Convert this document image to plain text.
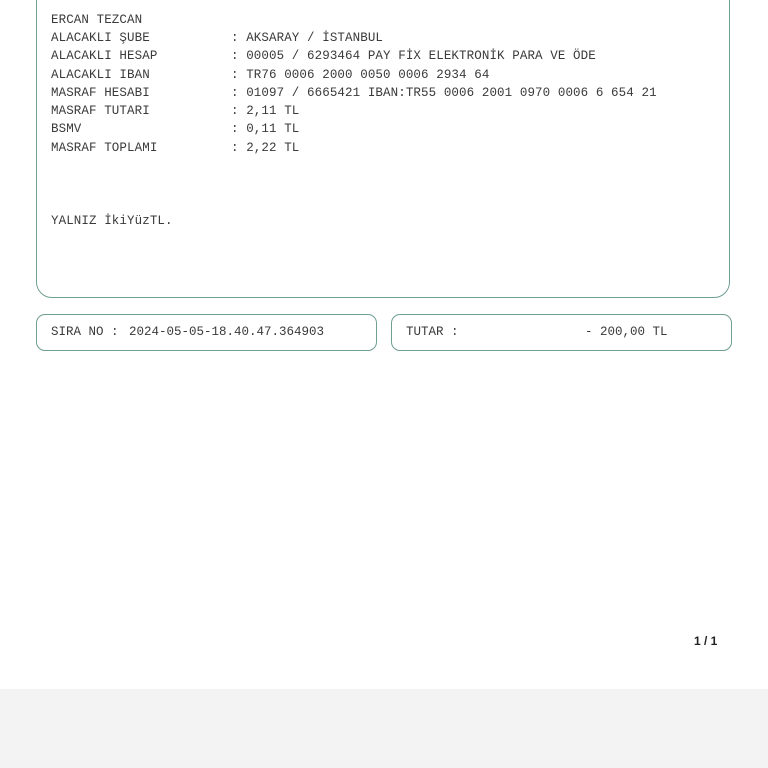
ERCAN TEZCAN

ALACAKLI ŞUBE

	: AKSARAY / İSTANBUL

ALACAKLI HESAP

	: 00005 / 6293464 PAY FİX ELEKTRONİK PARA VE ÖDE

ALACAKLI IBAN

	: TR76 0006 2000 0050 0006 2934 64

MASRAF HESABI

	: 01097 / 6665421 IBAN:TR55 0006 2001 0970 0006 6 654 21

MASRAF TUTARI

	: 2,11 TL

BSMV

	: 0,11 TL

MASRAF TOPLAMI

	: 2,22 TL

YALNIZ İkiYüzTL.
SIRA NO : 2024-05-05-18.40.47.364903	TUTAR :	- 200,00 TL
1 / 1
